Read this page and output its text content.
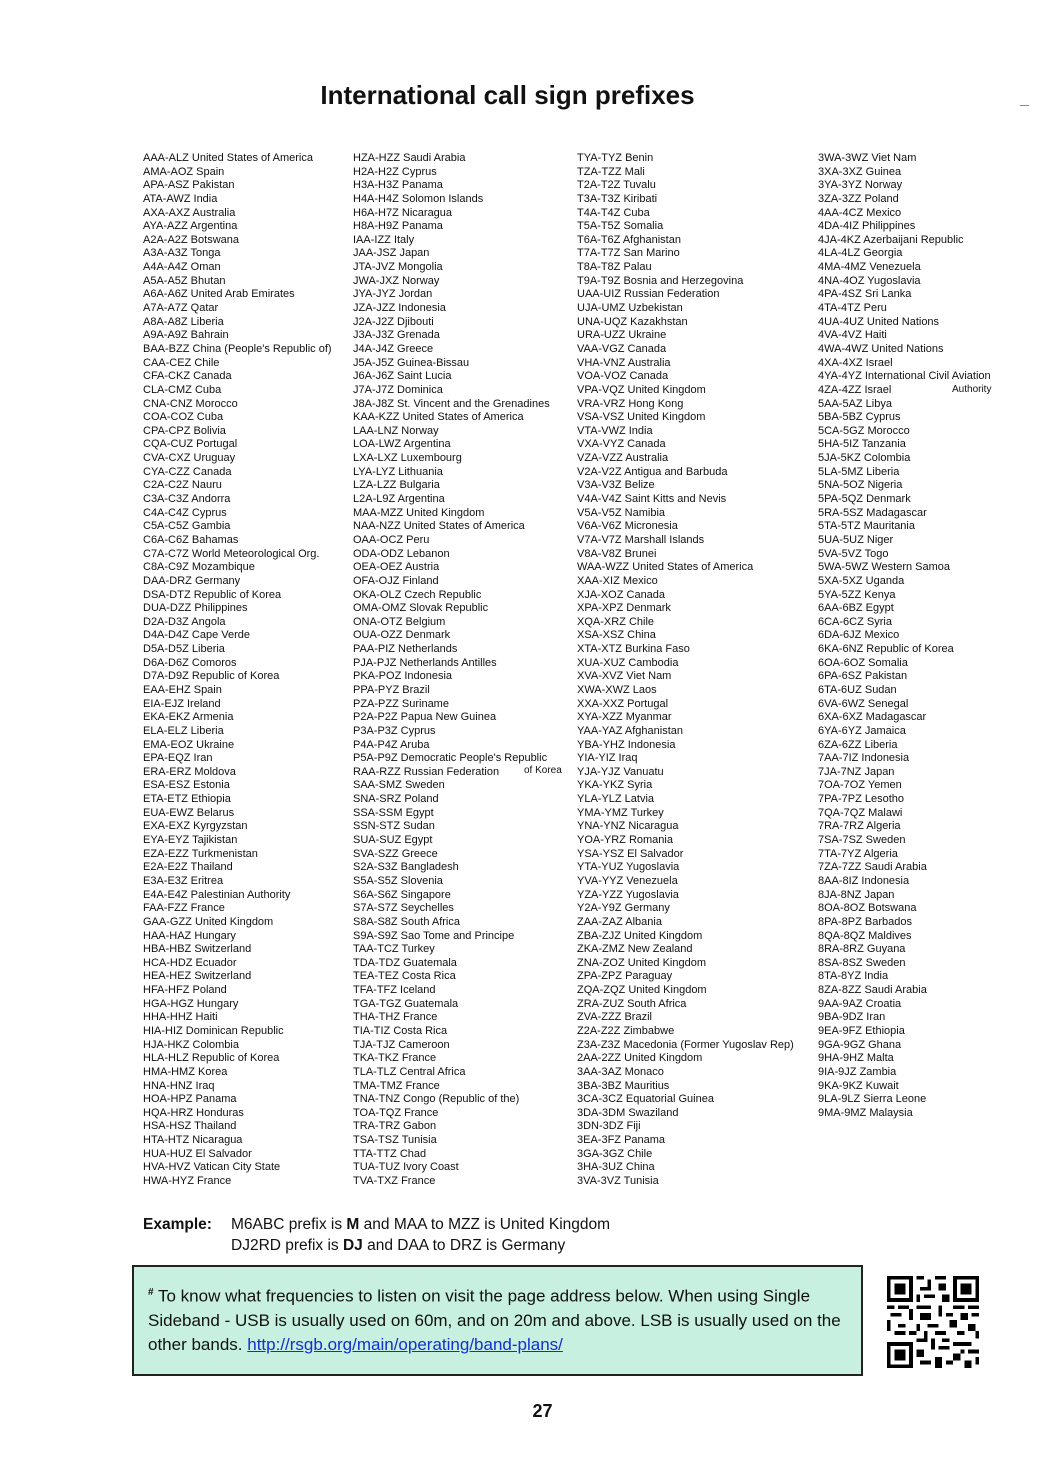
International call sign prefixes
AAA-ALZ United States of America
AMA-AOZ Spain
APA-ASZ Pakistan
ATA-AWZ India
AXA-AXZ Australia
AYA-AZZ Argentina
A2A-A2Z Botswana
A3A-A3Z Tonga
A4A-A4Z Oman
A5A-A5Z Bhutan
A6A-A6Z United Arab Emirates
A7A-A7Z Qatar
A8A-A8Z Liberia
A9A-A9Z Bahrain
BAA-BZZ China (People's Republic of)
CAA-CEZ Chile
CFA-CKZ Canada
CLA-CMZ Cuba
CNA-CNZ Morocco
COA-COZ Cuba
CPA-CPZ Bolivia
CQA-CUZ Portugal
CVA-CXZ Uruguay
CYA-CZZ Canada
C2A-C2Z Nauru
C3A-C3Z Andorra
C4A-C4Z Cyprus
C5A-C5Z Gambia
C6A-C6Z Bahamas
C7A-C7Z World Meteorological Org.
C8A-C9Z Mozambique
DAA-DRZ Germany
DSA-DTZ Republic of Korea
DUA-DZZ Philippines
D2A-D3Z Angola
D4A-D4Z Cape Verde
D5A-D5Z Liberia
D6A-D6Z Comoros
D7A-D9Z Republic of Korea
EAA-EHZ Spain
EIA-EJZ Ireland
EKA-EKZ Armenia
ELA-ELZ Liberia
EMA-EOZ Ukraine
EPA-EQZ Iran
ERA-ERZ Moldova
ESA-ESZ Estonia
ETA-ETZ Ethiopia
EUA-EWZ Belarus
EXA-EXZ Kyrgyzstan
EYA-EYZ Tajikistan
EZA-EZZ Turkmenistan
E2A-E2Z Thailand
E3A-E3Z Eritrea
E4A-E4Z Palestinian Authority
FAA-FZZ France
GAA-GZZ United Kingdom
HAA-HAZ Hungary
HBA-HBZ Switzerland
HCA-HDZ Ecuador
HEA-HEZ Switzerland
HFA-HFZ Poland
HGA-HGZ Hungary
HHA-HHZ Haiti
HIA-HIZ Dominican Republic
HJA-HKZ Colombia
HLA-HLZ Republic of Korea
HMA-HMZ Korea
HNA-HNZ Iraq
HOA-HPZ Panama
HQA-HRZ Honduras
HSA-HSZ Thailand
HTA-HTZ Nicaragua
HUA-HUZ El Salvador
HVA-HVZ Vatican City State
HWA-HYZ France
HZA-HZZ Saudi Arabia
H2A-H2Z Cyprus
H3A-H3Z Panama
H4A-H4Z Solomon Islands
H6A-H7Z Nicaragua
H8A-H9Z Panama
IAA-IZZ Italy
JAA-JSZ Japan
JTA-JVZ Mongolia
JWA-JXZ Norway
JYA-JYZ Jordan
JZA-JZZ Indonesia
J2A-J2Z Djibouti
J3A-J3Z Grenada
J4A-J4Z Greece
J5A-J5Z Guinea-Bissau
J6A-J6Z Saint Lucia
J7A-J7Z Dominica
J8A-J8Z St. Vincent and the Grenadines
KAA-KZZ United States of America
LAA-LNZ Norway
LOA-LWZ Argentina
LXA-LXZ Luxembourg
LYA-LYZ Lithuania
LZA-LZZ Bulgaria
L2A-L9Z Argentina
MAA-MZZ United Kingdom
NAA-NZZ United States of America
OAA-OCZ Peru
ODA-ODZ Lebanon
OEA-OEZ Austria
OFA-OJZ Finland
OKA-OLZ Czech Republic
OMA-OMZ Slovak Republic
ONA-OTZ Belgium
OUA-OZZ Denmark
PAA-PIZ Netherlands
PJA-PJZ Netherlands Antilles
PKA-POZ Indonesia
PPA-PYZ Brazil
PZA-PZZ Suriname
P2A-P2Z Papua New Guinea
P3A-P3Z Cyprus
P4A-P4Z Aruba
P5A-P9Z Democratic People's Republic
RAA-RZZ Russian Federation
SAA-SMZ Sweden
SNA-SRZ Poland
SSA-SSM Egypt
SSN-STZ Sudan
SUA-SUZ Egypt
SVA-SZZ Greece
S2A-S3Z Bangladesh
S5A-S5Z Slovenia
S6A-S6Z Singapore
S7A-S7Z Seychelles
S8A-S8Z South Africa
S9A-S9Z Sao Tome and Principe
TAA-TCZ Turkey
TDA-TDZ Guatemala
TEA-TEZ Costa Rica
TFA-TFZ Iceland
TGA-TGZ Guatemala
THA-THZ France
TIA-TIZ Costa Rica
TJA-TJZ Cameroon
TKA-TKZ France
TLA-TLZ Central Africa
TMA-TMZ France
TNA-TNZ Congo (Republic of the)
TOA-TQZ France
TRA-TRZ Gabon
TSA-TSZ Tunisia
TTA-TTZ Chad
TUA-TUZ Ivory Coast
TVA-TXZ France
TYA-TYZ Benin
TZA-TZZ Mali
T2A-T2Z Tuvalu
T3A-T3Z Kiribati
T4A-T4Z Cuba
T5A-T5Z Somalia
T6A-T6Z Afghanistan
T7A-T7Z San Marino
T8A-T8Z Palau
T9A-T9Z Bosnia and Herzegovina
UAA-UIZ Russian Federation
UJA-UMZ Uzbekistan
UNA-UQZ Kazakhstan
URA-UZZ Ukraine
VAA-VGZ Canada
VHA-VNZ Australia
VOA-VOZ Canada
VPA-VQZ United Kingdom
VRA-VRZ Hong Kong
VSA-VSZ United Kingdom
VTA-VWZ India
VXA-VYZ Canada
VZA-VZZ Australia
V2A-V2Z Antigua and Barbuda
V3A-V3Z Belize
V4A-V4Z Saint Kitts and Nevis
V5A-V5Z Namibia
V6A-V6Z Micronesia
V7A-V7Z Marshall Islands
V8A-V8Z Brunei
WAA-WZZ United States of America
XAA-XIZ Mexico
XJA-XOZ Canada
XPA-XPZ Denmark
XQA-XRZ Chile
XSA-XSZ China
XTA-XTZ Burkina Faso
XUA-XUZ Cambodia
XVA-XVZ Viet Nam
XWA-XWZ Laos
XXA-XXZ Portugal
XYA-XZZ Myanmar
YAA-YAZ Afghanistan
YBA-YHZ Indonesia
YIA-YIZ Iraq
YJA-YJZ Vanuatu
YKA-YKZ Syria
YLA-YLZ Latvia
YMA-YMZ Turkey
YNA-YNZ Nicaragua
YOA-YRZ Romania
YSA-YSZ El Salvador
YTA-YUZ Yugoslavia
YVA-YYZ Venezuela
YZA-YZZ Yugoslavia
Y2A-Y9Z Germany
ZAA-ZAZ Albania
ZBA-ZJZ United Kingdom
ZKA-ZMZ New Zealand
ZNA-ZOZ United Kingdom
ZPA-ZPZ Paraguay
ZQA-ZQZ United Kingdom
ZRA-ZUZ South Africa
ZVA-ZZZ Brazil
Z2A-Z2Z Zimbabwe
Z3A-Z3Z Macedonia (Former Yugoslav Rep)
2AA-2ZZ United Kingdom
3AA-3AZ Monaco
3BA-3BZ Mauritius
3CA-3CZ Equatorial Guinea
3DA-3DM Swaziland
3DN-3DZ Fiji
3EA-3FZ Panama
3GA-3GZ Chile
3HA-3UZ China
3VA-3VZ Tunisia
3WA-3WZ Viet Nam
3XA-3XZ Guinea
3YA-3YZ Norway
3ZA-3ZZ Poland
4AA-4CZ Mexico
4DA-4IZ Philippines
4JA-4KZ Azerbaijani Republic
4LA-4LZ Georgia
4MA-4MZ Venezuela
4NA-4OZ Yugoslavia
4PA-4SZ Sri Lanka
4TA-4TZ Peru
4UA-4UZ United Nations
4VA-4VZ Haiti
4WA-4WZ United Nations
4XA-4XZ Israel
4YA-4YZ International Civil Aviation
4ZA-4ZZ Israel
5AA-5AZ Libya
5BA-5BZ Cyprus
5CA-5GZ Morocco
5HA-5IZ Tanzania
5JA-5KZ Colombia
5LA-5MZ Liberia
5NA-5OZ Nigeria
5PA-5QZ Denmark
5RA-5SZ Madagascar
5TA-5TZ Mauritania
5UA-5UZ Niger
5VA-5VZ Togo
5WA-5WZ Western Samoa
5XA-5XZ Uganda
5YA-5ZZ Kenya
6AA-6BZ Egypt
6CA-6CZ Syria
6DA-6JZ Mexico
6KA-6NZ Republic of Korea
6OA-6OZ Somalia
6PA-6SZ Pakistan
6TA-6UZ Sudan
6VA-6WZ Senegal
6XA-6XZ Madagascar
6YA-6YZ Jamaica
6ZA-6ZZ Liberia
7AA-7IZ Indonesia
7JA-7NZ Japan
7OA-7OZ Yemen
7PA-7PZ Lesotho
7QA-7QZ Malawi
7RA-7RZ Algeria
7SA-7SZ Sweden
7TA-7YZ Algeria
7ZA-7ZZ Saudi Arabia
8AA-8IZ Indonesia
8JA-8NZ Japan
8OA-8OZ Botswana
8PA-8PZ Barbados
8QA-8QZ Maldives
8RA-8RZ Guyana
8SA-8SZ Sweden
8TA-8YZ India
8ZA-8ZZ Saudi Arabia
9AA-9AZ Croatia
9BA-9DZ Iran
9EA-9FZ Ethiopia
9GA-9GZ Ghana
9HA-9HZ Malta
9IA-9JZ Zambia
9KA-9KZ Kuwait
9LA-9LZ Sierra Leone
9MA-9MZ Malaysia
of Korea
Authority
Example: M6ABC prefix is M and MAA to MZZ is United Kingdom
DJ2RD prefix is DJ and DAA to DRZ is Germany
# To know what frequencies to listen on visit the page address below. When using Single Sideband - USB is usually used on 60m, and on 20m and above. LSB is usually used on the other bands. http://rsgb.org/main/operating/band-plans/
27
